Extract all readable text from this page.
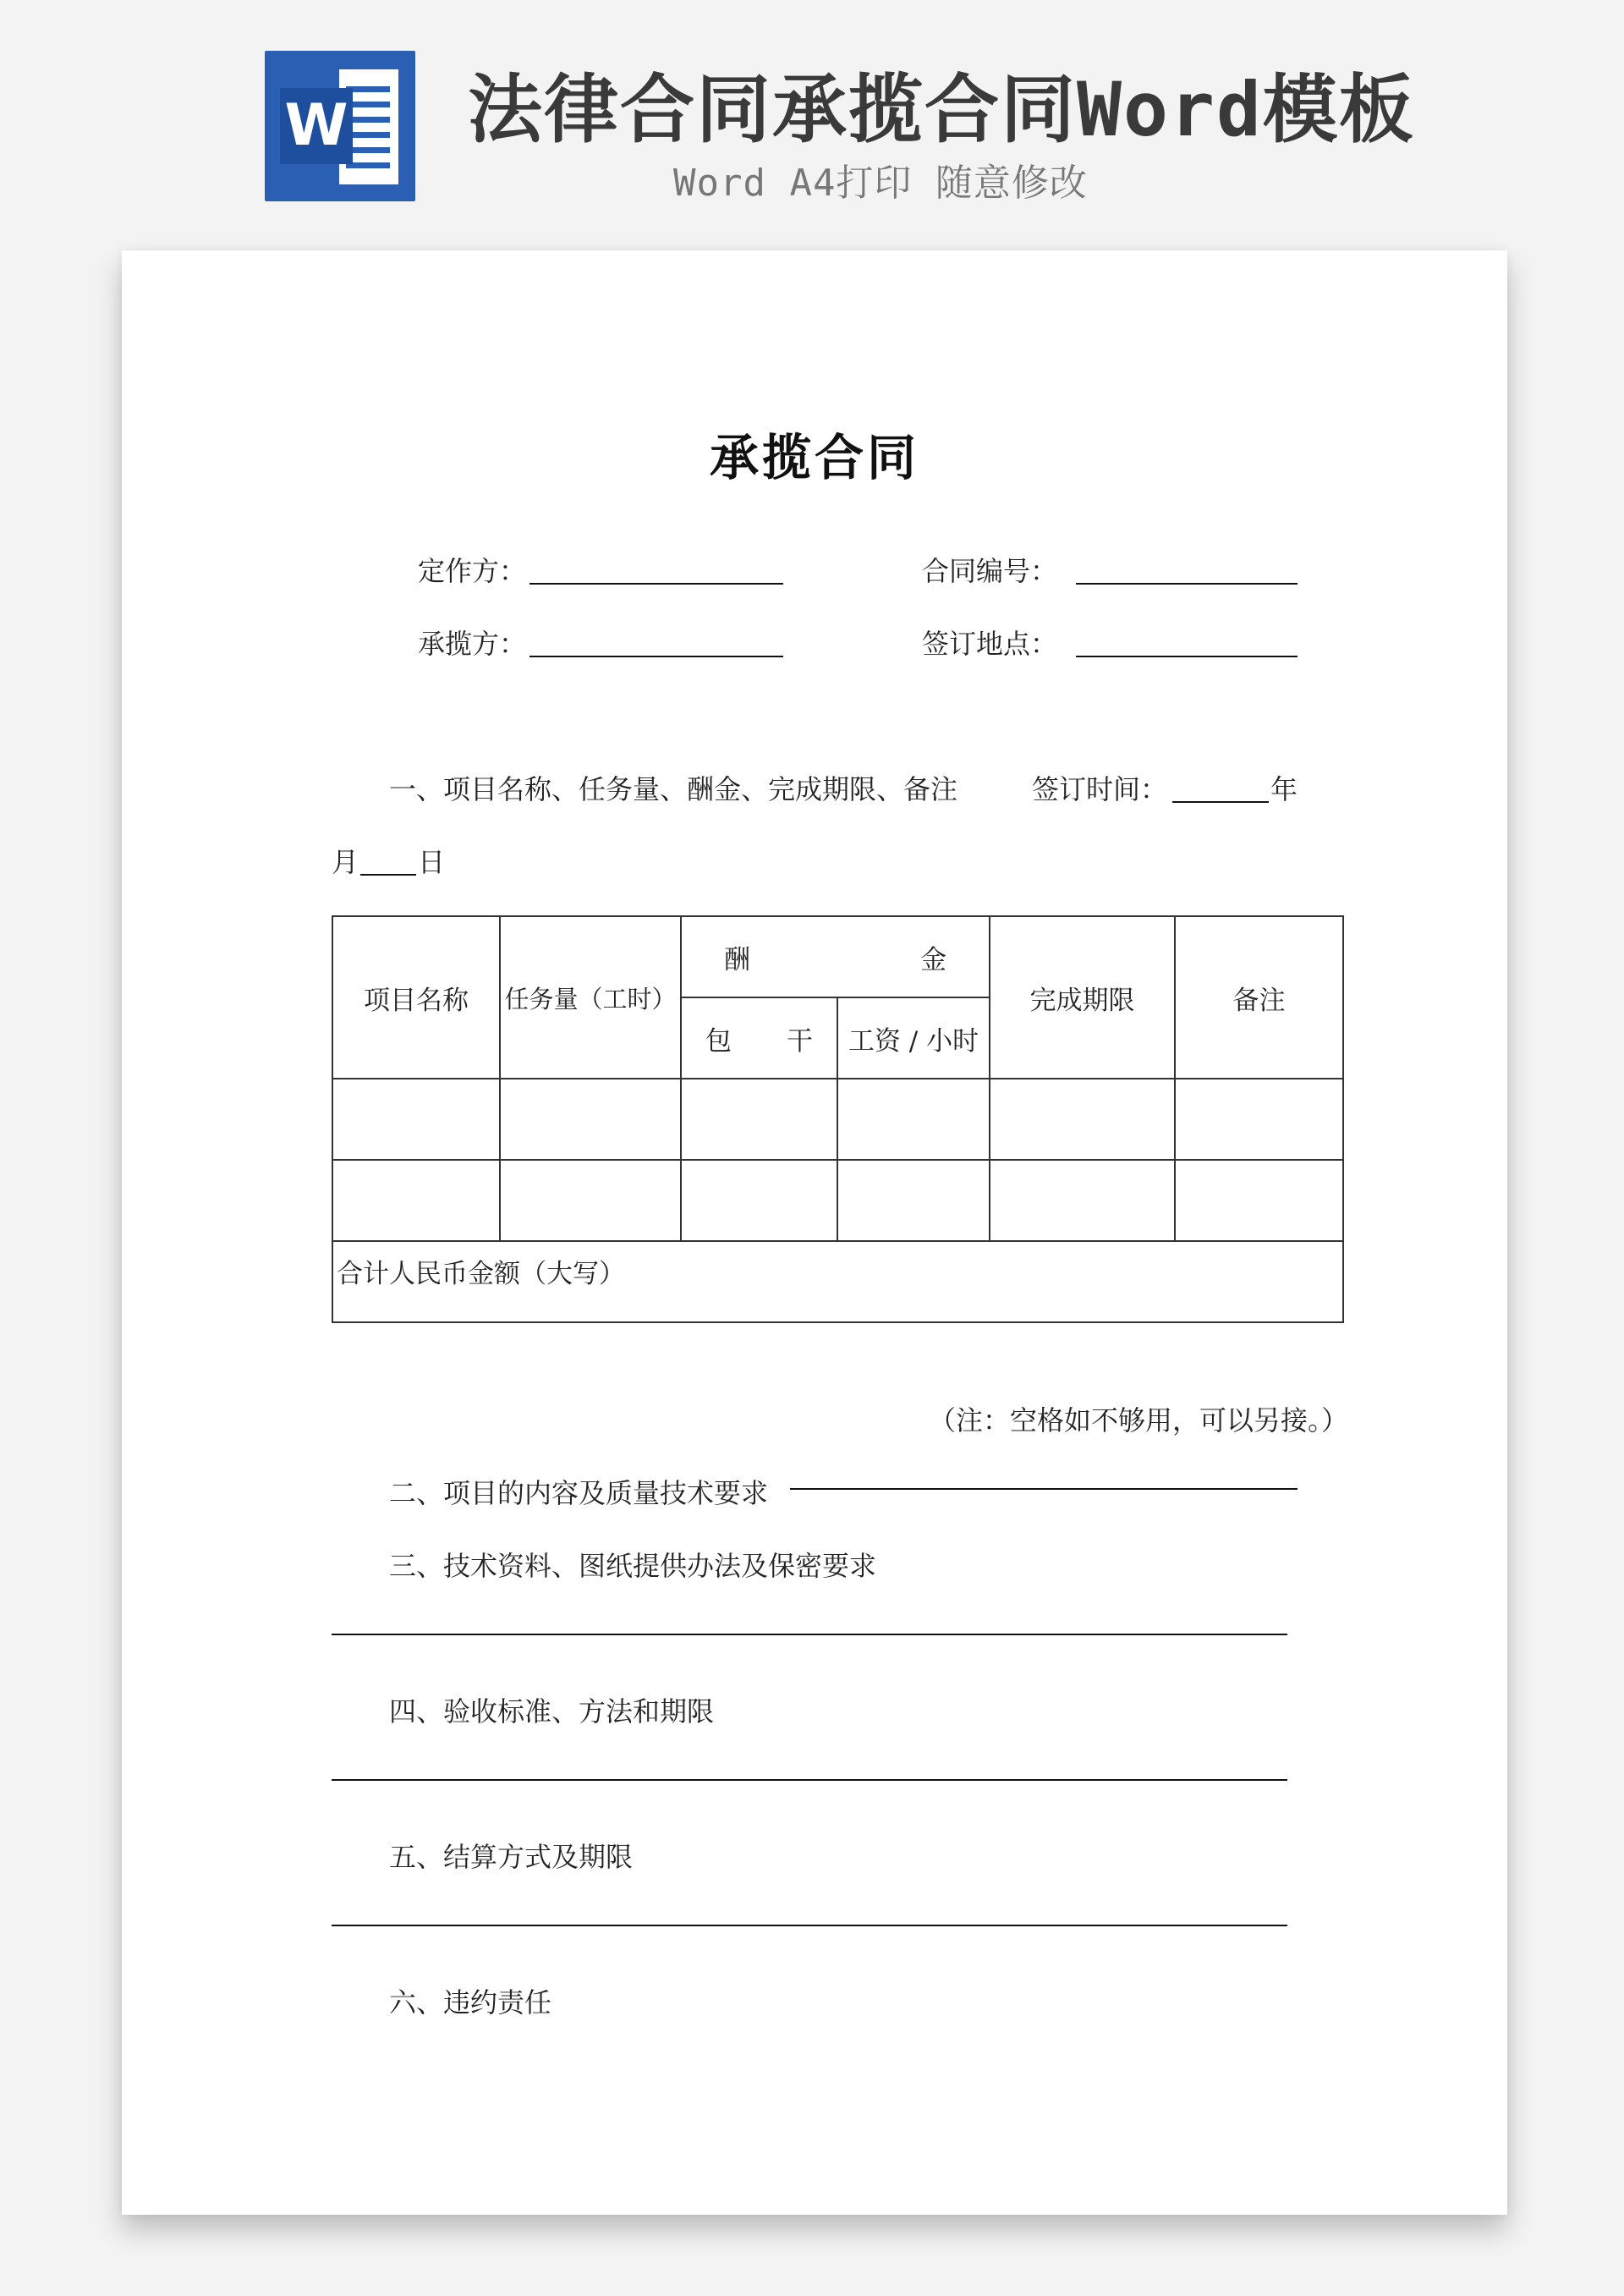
W 法律合同承揽合同Word模板
Word A4打印 随意修改
承揽合同
定作方：	合同编号：
承揽方：	签订地点：
一、项目名称、任务量、酬金、完成期限、备注	签订时间：	年
月 日
项目名称	任务量（工时）	酬 金		完成期限	备注

		包 干	工资 / 小时		

合计人民币金额（大写）					
（注：空格如不够用，可以另接。）
二、项目的内容及质量技术要求
三、技术资料、图纸提供办法及保密要求
四、验收标准、方法和期限
五、结算方式及期限
六、违约责任
